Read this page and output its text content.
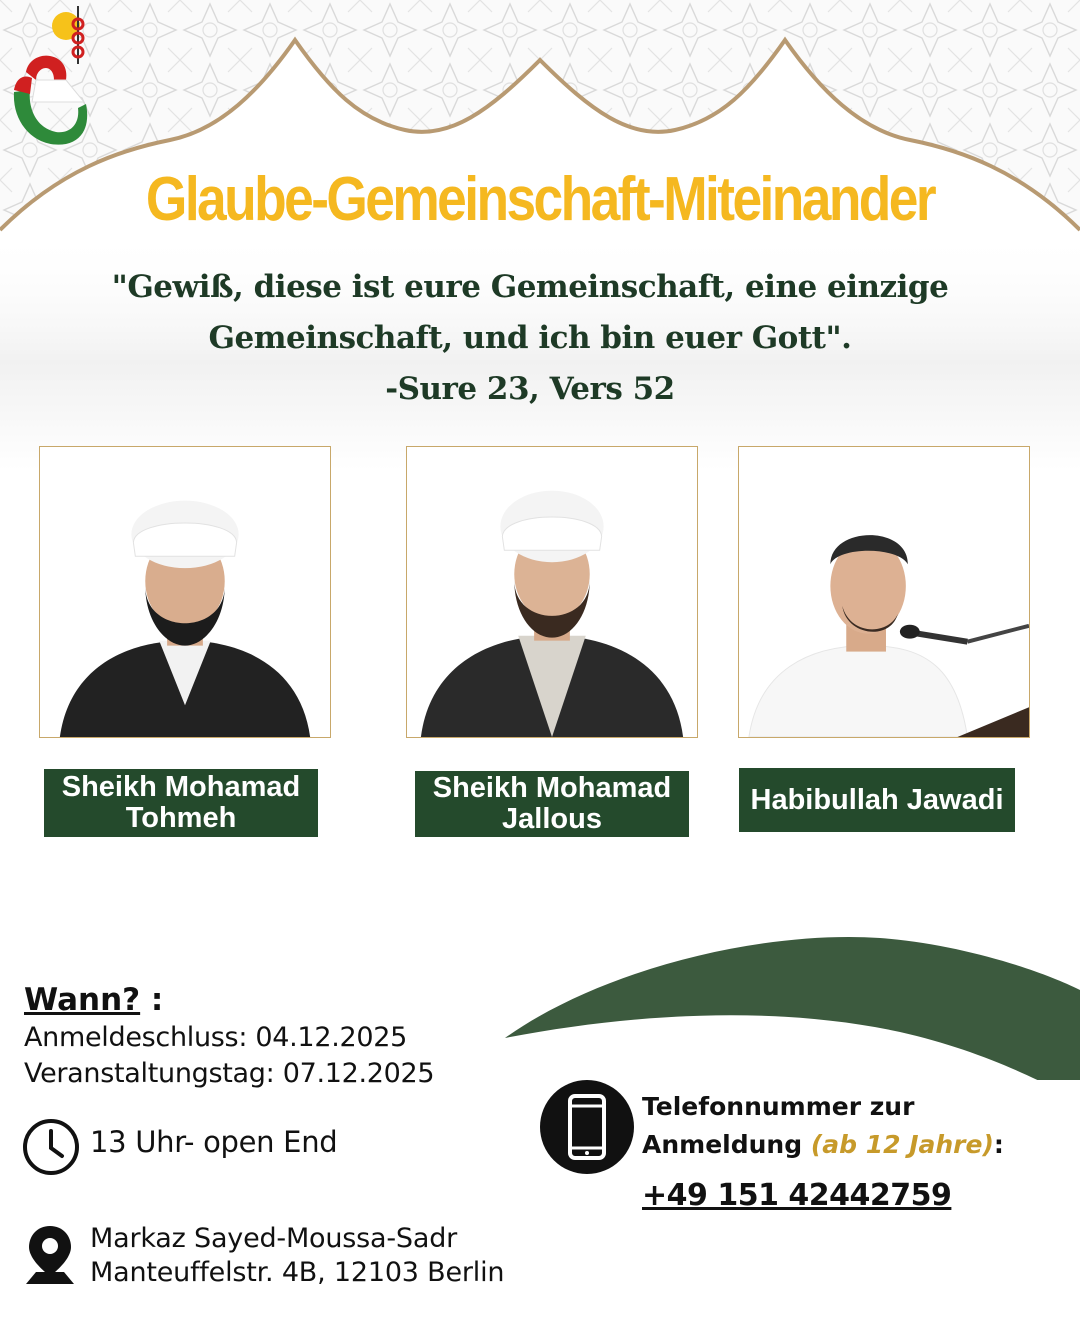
Glaube-Gemeinschaft-Miteinander
"Gewiß, diese ist eure Gemeinschaft, eine einzige
Gemeinschaft, und ich bin euer Gott".
-Sure 23, Vers 52
Sheikh Mohamad
Tohmeh
Sheikh Mohamad
Jallous
Habibullah Jawadi
Wann? :
Anmeldeschluss: 04.12.2025
Veranstaltungstag: 07.12.2025
13 Uhr- open End
Markaz Sayed-Moussa-Sadr
Manteuffelstr. 4B, 12103 Berlin
Telefonnummer zur
Anmeldung (ab 12 Jahre):
+49 151 42442759
